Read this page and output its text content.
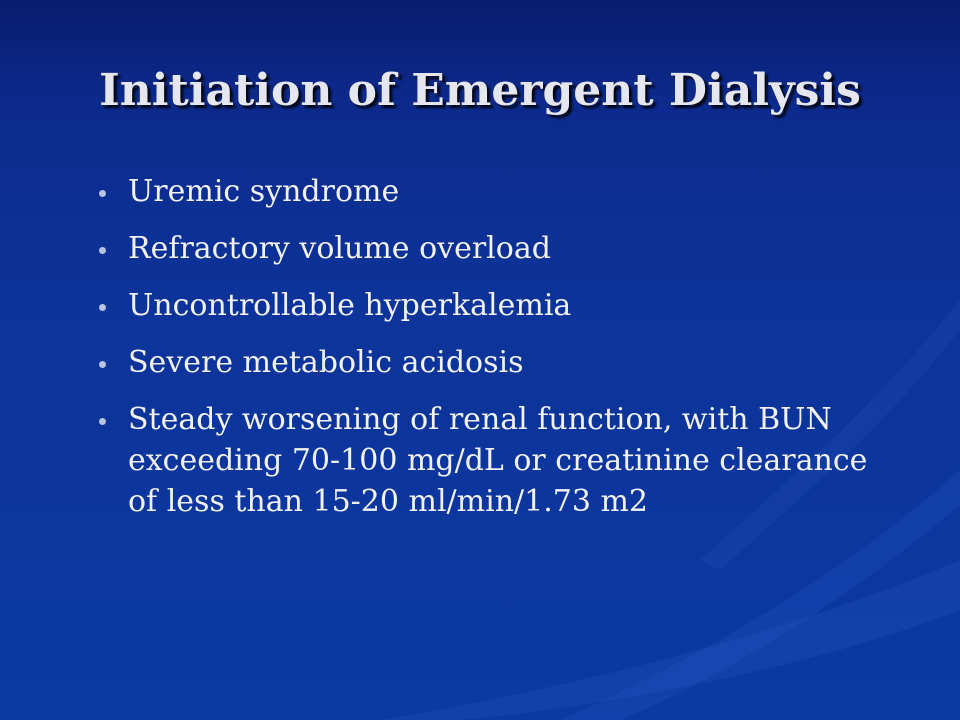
Initiation of Emergent Dialysis
Uremic syndrome
Refractory volume overload
Uncontrollable hyperkalemia
Severe metabolic acidosis
Steady worsening of renal function, with BUN exceeding 70-100 mg/dL or creatinine clearance of less than 15-20 ml/min/1.73 m2
